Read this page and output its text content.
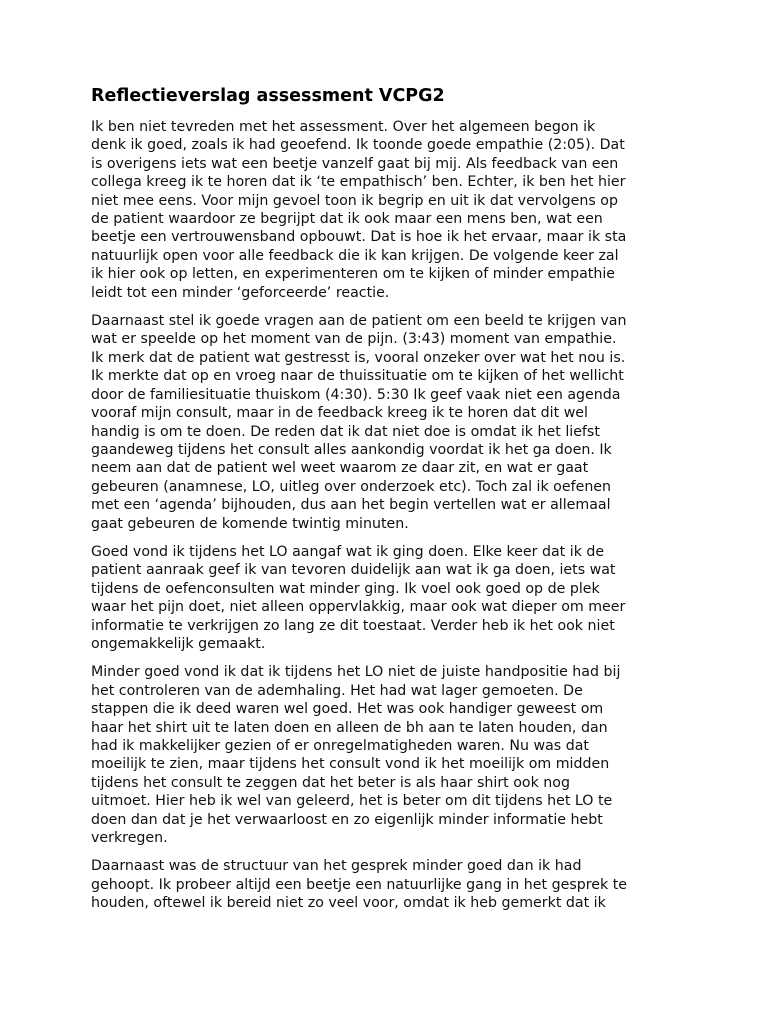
Reflectieverslag assessment VCPG2

Ik ben niet tevreden met het assessment. Over het algemeen begon ik
denk ik goed, zoals ik had geoefend. Ik toonde goede empathie (2:05). Dat
is overigens iets wat een beetje vanzelf gaat bij mij. Als feedback van een
collega kreeg ik te horen dat ik ‘te empathisch’ ben. Echter, ik ben het hier
niet mee eens. Voor mijn gevoel toon ik begrip en uit ik dat vervolgens op
de patient waardoor ze begrijpt dat ik ook maar een mens ben, wat een
beetje een vertrouwensband opbouwt. Dat is hoe ik het ervaar, maar ik sta
natuurlijk open voor alle feedback die ik kan krijgen. De volgende keer zal
ik hier ook op letten, en experimenteren om te kijken of minder empathie
leidt tot een minder ‘geforceerde’ reactie.

Daarnaast stel ik goede vragen aan de patient om een beeld te krijgen van
wat er speelde op het moment van de pijn. (3:43) moment van empathie.
Ik merk dat de patient wat gestresst is, vooral onzeker over wat het nou is.
Ik merkte dat op en vroeg naar de thuissituatie om te kijken of het wellicht
door de familiesituatie thuiskom (4:30). 5:30 Ik geef vaak niet een agenda
vooraf mijn consult, maar in de feedback kreeg ik te horen dat dit wel
handig is om te doen. De reden dat ik dat niet doe is omdat ik het liefst
gaandeweg tijdens het consult alles aankondig voordat ik het ga doen. Ik
neem aan dat de patient wel weet waarom ze daar zit, en wat er gaat
gebeuren (anamnese, LO, uitleg over onderzoek etc). Toch zal ik oefenen
met een ‘agenda’ bijhouden, dus aan het begin vertellen wat er allemaal
gaat gebeuren de komende twintig minuten.

Goed vond ik tijdens het LO aangaf wat ik ging doen. Elke keer dat ik de
patient aanraak geef ik van tevoren duidelijk aan wat ik ga doen, iets wat
tijdens de oefenconsulten wat minder ging. Ik voel ook goed op de plek
waar het pijn doet, niet alleen oppervlakkig, maar ook wat dieper om meer
informatie te verkrijgen zo lang ze dit toestaat. Verder heb ik het ook niet
ongemakkelijk gemaakt.

Minder goed vond ik dat ik tijdens het LO niet de juiste handpositie had bij
het controleren van de ademhaling. Het had wat lager gemoeten. De
stappen die ik deed waren wel goed. Het was ook handiger geweest om
haar het shirt uit te laten doen en alleen de bh aan te laten houden, dan
had ik makkelijker gezien of er onregelmatigheden waren. Nu was dat
moeilijk te zien, maar tijdens het consult vond ik het moeilijk om midden
tijdens het consult te zeggen dat het beter is als haar shirt ook nog
uitmoet. Hier heb ik wel van geleerd, het is beter om dit tijdens het LO te
doen dan dat je het verwaarloost en zo eigenlijk minder informatie hebt
verkregen.

Daarnaast was de structuur van het gesprek minder goed dan ik had
gehoopt. Ik probeer altijd een beetje een natuurlijke gang in het gesprek te
houden, oftewel ik bereid niet zo veel voor, omdat ik heb gemerkt dat ik
